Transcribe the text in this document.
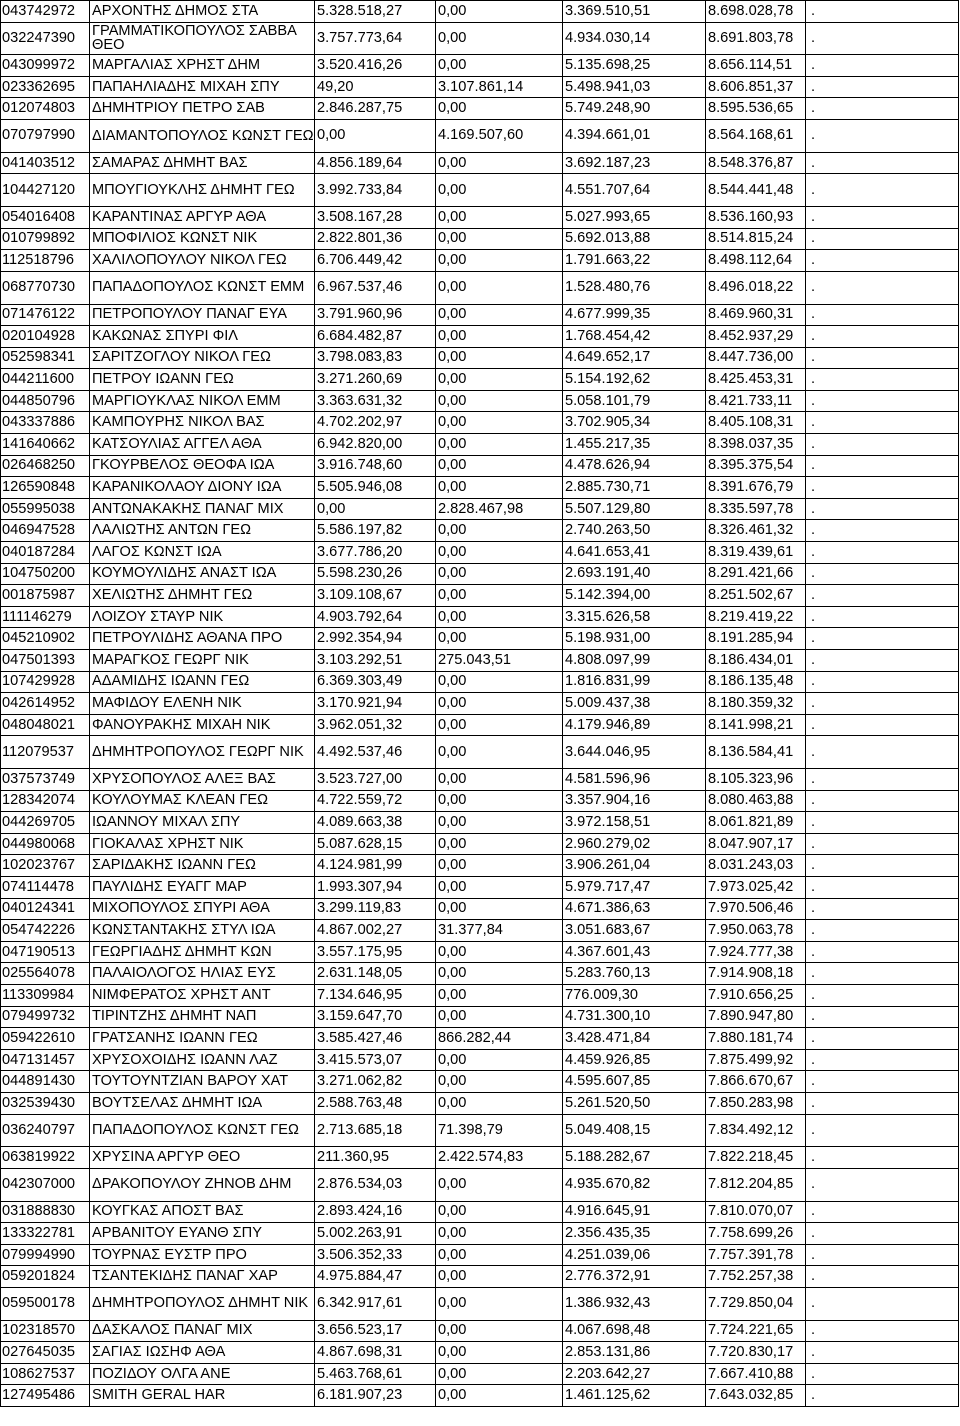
043742972	ΑΡΧΟΝΤΗΣ ΔΗΜΟΣ ΣΤΑ	5.328.518,27	0,00	3.369.510,51	8.698.028,78	.
032247390	ΓΡΑΜΜΑΤΙΚΟΠΟΥΛΟΣ ΣΑΒΒΑ ΘΕΟ	3.757.773,64	0,00	4.934.030,14	8.691.803,78	.
043099972	ΜΑΡΓΑΛΙΑΣ ΧΡΗΣΤ ΔΗΜ	3.520.416,26	0,00	5.135.698,25	8.656.114,51	.
023362695	ΠΑΠΑΗΛΙΑΔΗΣ ΜΙΧΑΗ ΣΠΥ	49,20	3.107.861,14	5.498.941,03	8.606.851,37	.
012074803	ΔΗΜΗΤΡΙΟΥ ΠΕΤΡΟ ΣΑΒ	2.846.287,75	0,00	5.749.248,90	8.595.536,65	.
070797990	ΔΙΑΜΑΝΤΟΠΟΥΛΟΣ ΚΩΝΣΤ ΓΕΩ	0,00	4.169.507,60	4.394.661,01	8.564.168,61	.
041403512	ΣΑΜΑΡΑΣ ΔΗΜΗΤ ΒΑΣ	4.856.189,64	0,00	3.692.187,23	8.548.376,87	.
104427120	ΜΠΟΥΓΙΟΥΚΛΗΣ ΔΗΜΗΤ ΓΕΩ	3.992.733,84	0,00	4.551.707,64	8.544.441,48	.
054016408	ΚΑΡΑΝΤΙΝΑΣ ΑΡΓΥΡ ΑΘΑ	3.508.167,28	0,00	5.027.993,65	8.536.160,93	.
010799892	ΜΠΟΦΙΛΙΟΣ ΚΩΝΣΤ ΝΙΚ	2.822.801,36	0,00	5.692.013,88	8.514.815,24	.
112518796	ΧΑΛΙΛΟΠΟΥΛΟΥ ΝΙΚΟΛ ΓΕΩ	6.706.449,42	0,00	1.791.663,22	8.498.112,64	.
068770730	ΠΑΠΑΔΟΠΟΥΛΟΣ ΚΩΝΣΤ ΕΜΜ	6.967.537,46	0,00	1.528.480,76	8.496.018,22	.
071476122	ΠΕΤΡΟΠΟΥΛΟΥ ΠΑΝΑΓ ΕΥΑ	3.791.960,96	0,00	4.677.999,35	8.469.960,31	.
020104928	ΚΑΚΩΝΑΣ ΣΠΥΡΙ ΦΙΛ	6.684.482,87	0,00	1.768.454,42	8.452.937,29	.
052598341	ΣΑΡΙΤΖΟΓΛΟΥ ΝΙΚΟΛ ΓΕΩ	3.798.083,83	0,00	4.649.652,17	8.447.736,00	.
044211600	ΠΕΤΡΟΥ ΙΩΑΝΝ ΓΕΩ	3.271.260,69	0,00	5.154.192,62	8.425.453,31	.
044850796	ΜΑΡΓΙΟΥΚΛΑΣ ΝΙΚΟΛ ΕΜΜ	3.363.631,32	0,00	5.058.101,79	8.421.733,11	.
043337886	ΚΑΜΠΟΥΡΗΣ ΝΙΚΟΛ ΒΑΣ	4.702.202,97	0,00	3.702.905,34	8.405.108,31	.
141640662	ΚΑΤΣΟΥΛΙΑΣ ΑΓΓΕΛ ΑΘΑ	6.942.820,00	0,00	1.455.217,35	8.398.037,35	.
026468250	ΓΚΟΥΡΒΕΛΟΣ ΘΕΟΦΑ ΙΩΑ	3.916.748,60	0,00	4.478.626,94	8.395.375,54	.
126590848	ΚΑΡΑΝΙΚΟΛΑΟΥ ΔΙΟΝΥ ΙΩΑ	5.505.946,08	0,00	2.885.730,71	8.391.676,79	.
055995038	ΑΝΤΩΝΑΚΑΚΗΣ ΠΑΝΑΓ ΜΙΧ	0,00	2.828.467,98	5.507.129,80	8.335.597,78	.
046947528	ΛΑΛΙΩΤΗΣ ΑΝΤΩΝ ΓΕΩ	5.586.197,82	0,00	2.740.263,50	8.326.461,32	.
040187284	ΛΑΓΟΣ ΚΩΝΣΤ ΙΩΑ	3.677.786,20	0,00	4.641.653,41	8.319.439,61	.
104750200	ΚΟΥΜΟΥΛΙΔΗΣ ΑΝΑΣΤ ΙΩΑ	5.598.230,26	0,00	2.693.191,40	8.291.421,66	.
001875987	ΧΕΛΙΩΤΗΣ ΔΗΜΗΤ ΓΕΩ	3.109.108,67	0,00	5.142.394,00	8.251.502,67	.
111146279	ΛΟΙΖΟΥ ΣΤΑΥΡ ΝΙΚ	4.903.792,64	0,00	3.315.626,58	8.219.419,22	.
045210902	ΠΕΤΡΟΥΛΙΔΗΣ ΑΘΑΝΑ ΠΡΟ	2.992.354,94	0,00	5.198.931,00	8.191.285,94	.
047501393	ΜΑΡΑΓΚΟΣ ΓΕΩΡΓ ΝΙΚ	3.103.292,51	275.043,51	4.808.097,99	8.186.434,01	.
107429928	ΑΔΑΜΙΔΗΣ ΙΩΑΝΝ ΓΕΩ	6.369.303,49	0,00	1.816.831,99	8.186.135,48	.
042614952	ΜΑΦΙΔΟΥ ΕΛΕΝΗ ΝΙΚ	3.170.921,94	0,00	5.009.437,38	8.180.359,32	.
048048021	ΦΑΝΟΥΡΑΚΗΣ ΜΙΧΑΗ ΝΙΚ	3.962.051,32	0,00	4.179.946,89	8.141.998,21	.
112079537	ΔΗΜΗΤΡΟΠΟΥΛΟΣ ΓΕΩΡΓ ΝΙΚ	4.492.537,46	0,00	3.644.046,95	8.136.584,41	.
037573749	ΧΡΥΣΟΠΟΥΛΟΣ ΑΛΕΞ ΒΑΣ	3.523.727,00	0,00	4.581.596,96	8.105.323,96	.
128342074	ΚΟΥΛΟΥΜΑΣ ΚΛΕΑΝ ΓΕΩ	4.722.559,72	0,00	3.357.904,16	8.080.463,88	.
044269705	ΙΩΑΝΝΟΥ ΜΙΧΑΛ ΣΠΥ	4.089.663,38	0,00	3.972.158,51	8.061.821,89	.
044980068	ΓΙΟΚΑΛΑΣ ΧΡΗΣΤ ΝΙΚ	5.087.628,15	0,00	2.960.279,02	8.047.907,17	.
102023767	ΣΑΡΙΔΑΚΗΣ ΙΩΑΝΝ ΓΕΩ	4.124.981,99	0,00	3.906.261,04	8.031.243,03	.
074114478	ΠΑΥΛΙΔΗΣ ΕΥΑΓΓ ΜΑΡ	1.993.307,94	0,00	5.979.717,47	7.973.025,42	.
040124341	ΜΙΧΟΠΟΥΛΟΣ ΣΠΥΡΙ ΑΘΑ	3.299.119,83	0,00	4.671.386,63	7.970.506,46	.
054742226	ΚΩΝΣΤΑΝΤΑΚΗΣ ΣΤΥΛ ΙΩΑ	4.867.002,27	31.377,84	3.051.683,67	7.950.063,78	.
047190513	ΓΕΩΡΓΙΑΔΗΣ ΔΗΜΗΤ ΚΩΝ	3.557.175,95	0,00	4.367.601,43	7.924.777,38	.
025564078	ΠΑΛΑΙΟΛΟΓΟΣ ΗΛΙΑΣ ΕΥΣ	2.631.148,05	0,00	5.283.760,13	7.914.908,18	.
113309984	ΝΙΜΦΕΡΑΤΟΣ ΧΡΗΣΤ ΑΝΤ	7.134.646,95	0,00	776.009,30	7.910.656,25	.
079499732	ΤΙΡΙΝΤΖΗΣ ΔΗΜΗΤ ΝΑΠ	3.159.647,70	0,00	4.731.300,10	7.890.947,80	.
059422610	ΓΡΑΤΣΑΝΗΣ ΙΩΑΝΝ ΓΕΩ	3.585.427,46	866.282,44	3.428.471,84	7.880.181,74	.
047131457	ΧΡΥΣΟΧΟΙΔΗΣ ΙΩΑΝΝ ΛΑΖ	3.415.573,07	0,00	4.459.926,85	7.875.499,92	.
044891430	ΤΟΥΤΟΥΝΤΖΙΑΝ ΒΑΡΟΥ ΧΑΤ	3.271.062,82	0,00	4.595.607,85	7.866.670,67	.
032539430	ΒΟΥΤΣΕΛΑΣ ΔΗΜΗΤ ΙΩΑ	2.588.763,48	0,00	5.261.520,50	7.850.283,98	.
036240797	ΠΑΠΑΔΟΠΟΥΛΟΣ ΚΩΝΣΤ ΓΕΩ	2.713.685,18	71.398,79	5.049.408,15	7.834.492,12	.
063819922	ΧΡΥΣΙΝΑ ΑΡΓΥΡ ΘΕΟ	211.360,95	2.422.574,83	5.188.282,67	7.822.218,45	.
042307000	ΔΡΑΚΟΠΟΥΛΟΥ ΖΗΝΟΒ ΔΗΜ	2.876.534,03	0,00	4.935.670,82	7.812.204,85	.
031888830	ΚΟΥΓΚΑΣ ΑΠΟΣΤ ΒΑΣ	2.893.424,16	0,00	4.916.645,91	7.810.070,07	.
133322781	ΑΡΒΑΝΙΤΟΥ ΕΥΑΝΘ ΣΠΥ	5.002.263,91	0,00	2.356.435,35	7.758.699,26	.
079994990	ΤΟΥΡΝΑΣ ΕΥΣΤΡ ΠΡΟ	3.506.352,33	0,00	4.251.039,06	7.757.391,78	.
059201824	ΤΣΑΝΤΕΚΙΔΗΣ ΠΑΝΑΓ ΧΑΡ	4.975.884,47	0,00	2.776.372,91	7.752.257,38	.
059500178	ΔΗΜΗΤΡΟΠΟΥΛΟΣ ΔΗΜΗΤ ΝΙΚ	6.342.917,61	0,00	1.386.932,43	7.729.850,04	.
102318570	ΔΑΣΚΑΛΟΣ ΠΑΝΑΓ ΜΙΧ	3.656.523,17	0,00	4.067.698,48	7.724.221,65	.
027645035	ΣΑΓΙΑΣ ΙΩΣΗΦ ΑΘΑ	4.867.698,31	0,00	2.853.131,86	7.720.830,17	.
108627537	ΠΟΖΙΔΟΥ ΟΛΓΑ ΑΝΕ	5.463.768,61	0,00	2.203.642,27	7.667.410,88	.
127495486	SMITH GERAL HAR	6.181.907,23	0,00	1.461.125,62	7.643.032,85	.
